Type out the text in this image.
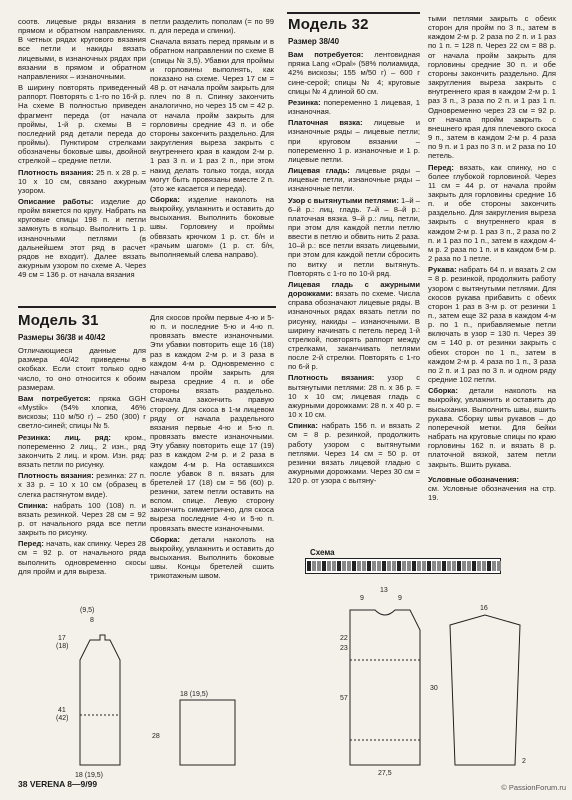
соотв. лицевые ряды вязания в прямом и обратном направлениях. В четных рядах кругового вязания все петли и накиды вязать лицевыми, в изнаночных рядах при вязании в прямом и обратном направлениях – изнаночными.

В ширину повторять приведенный раппорт. Повторять с 1-го по 16-й р. На схеме B полностью приведен фрагмент переда (от начала проймы, 1-й р. схемы B = последний ряд детали переда до проймы). Пунктиром стрелками обозначены боковые швы, двойной стрелкой – средние петли.

Плотность вязания: 25 п. x 28 р. = 10 x 10 см, связано ажурным узором.

Описание работы: изделие до пройм вяжется по кругу. Набрать на круговые спицы 198 п. и петли замкнуть в кольцо. Выполнить 1 р. изнаночными петлями (в дальнейшем этот ряд в расчет рядов не входит). Далее вязать ажурным узором по схеме A. Через 49 см = 136 р. от начала вязания

петли разделить пополам (= по 99 п. для переда и спинки).

Сначала вязать перед прямым и в обратном направлении по схеме B (спицы № 3,5). Убавки для проймы и горловины выполнять, как показано на схеме. Через 17 см = 48 р. от начала пройм закрыть для плеч по 8 п. Спинку закончить аналогично, но через 15 см = 42 р. от начала пройм закрыть для горловины средние 43 п. и обе стороны закончить раздельно. Для закругления выреза закрыть с внутреннего края в каждом 2-м р. 1 раз 3 п. и 1 раз 2 п., при этом накид делать только тогда, когда могут быть провязаны вместе 2 п. (это же касается и переда).

Сборка: изделие наколоть на выкройку, увлажнить и оставить до высыхания. Выполнить боковые швы. Горловину и проймы обвязать крючком 1 р. ст. б/н и «рачьим шагом» (1 р. ст. б/н, выполняемый слева направо).

Модель 31
Размеры 36/38 и 40/42

Отличающиеся данные для размера 40/42 приведены в скобках. Если стоит только одно число, то оно относится к обоим размерам.

Вам потребуется: пряжа GGH «Mystik» (54% хлопка, 46% вискозы; 110 м/50 г) – 250 (300) г светло-синей; спицы № 5.

Резинка: лиц. ряд: кром., попеременно 2 лиц., 2 изн., ряд закончить 2 лиц. и кром. Изн. ряд: вязать петли по рисунку.

Плотность вязания: резинка: 27 п. x 33 р. = 10 x 10 см (образец в слегка растянутом виде).

Спинка: набрать 100 (108) п. и вязать резинкой. Через 28 см = 92 р. от начального ряда все петли закрыть по рисунку.

Перед: начать, как спинку. Через 28 см = 92 р. от начального ряда выполнить одновременно скосы для пройм и для выреза.

Для скосов пройм первые 4-ю и 5-ю п. и последние 5-ю и 4-ю п. провязать вместе изнаночными. Эти убавки повторить еще 16 (18) раз в каждом 2-м р. и 3 раза в каждом 4-м р. Одновременно с началом пройм закрыть для выреза средние 4 п. и обе стороны вязать раздельно. Сначала закончить правую сторону. Для скоса в 1-м лицевом ряду от начала раздельного вязания первые 4-ю и 5-ю п. провязать вместе изнаночными. Эту убавку повторить еще 17 (19) раз в каждом 2-м р. и 2 раза в каждом 4-м р. На оставшихся после убавок 8 п. вязать для бретелей 17 (18) см = 56 (60) р. резинки, затем петли оставить на вспом. спице. Левую сторону закончить симметрично, для скоса выреза последние 4-ю и 5-ю п. провязать вместе изнаночными.

Сборка: детали наколоть на выкройку, увлажнить и оставить до высыхания. Выполнить боковые швы. Концы бретелей сшить трикотажным швом.

(9,5)
8
17
(18)
41
(42)
28
18 (19,5)
18 (19,5)
Модель 32
Размер 38/40

Вам потребуется: лентовидная пряжа Lang «Opal» (58% полиамида, 42% вискозы; 155 м/50 г) – 600 г сине-серой; спицы № 4; круговые спицы № 4 длиной 60 см.

Резинка: попеременно 1 лицевая, 1 изнаночная.

Платочная вязка: лицевые и изнаночные ряды – лицевые петли; при круговом вязании – попеременно 1 р. изнаночные и 1 р. лицевые петли.

Лицевая гладь: лицевые ряды – лицевые петли, изнаночные ряды – изнаночные петли.

Узор с вытянутыми петлями: 1–й – 6–й р.: лиц. гладь. 7–й – 8–й р.: платочная вязка. 9–й р.: лиц. петли, при этом для каждой петли петлю ввести в петлю и обвить нить 2 раза. 10–й р.: все петли вязать лицевыми, при этом для каждой петли сбросить по витку и петли вытянуть. Повторять с 1-го по 10-й ряд.

Лицевая гладь с ажурными дорожками: вязать по схеме. Числа справа обозначают лицевые ряды. В изнаночных рядах вязать петли по рисунку, накиды – изнаночными. В ширину начинать с петель перед 1-й стрелкой, повторять раппорт между стрелками, заканчивать петлями после 2-й стрелки. Повторять с 1-го по 6-й р.

Плотность вязания: узор с вытянутыми петлями: 28 п. x 36 р. = 10 x 10 см; лицевая гладь с ажурными дорожками: 28 п. x 40 р. = 10 x 10 см.

Спинка: набрать 156 п. и вязать 2 см = 8 р. резинкой, продолжить работу узором с вытянутыми петлями. Через 14 см = 50 р. от резинки вязать лицевой гладью с ажурными дорожками. Через 30 см = 120 р. от узора с вытяну-

тыми петлями закрыть с обеих сторон для пройм по 3 п., затем в каждом 2-м р. 2 раза по 2 п. и 1 раз по 1 п. = 128 п. Через 22 см = 88 р. от начала пройм закрыть для горловины средние 30 п. и обе стороны закончить раздельно. Для закругления выреза закрыть с внутреннего края в каждом 2-м р. 1 раз 3 п., 3 раза по 2 п. и 1 раз 1 п. Одновременно через 23 см = 92 р. от начала пройм закрыть с внешнего края для плечевого скоса 9 п., затем в каждом 2-м р. 4 раза по 9 п. и 1 раз по 3 п. и 2 раза по 10 петель.

Перед: вязать, как спинку, но с более глубокой горловиной. Через 11 см = 44 р. от начала пройм закрыть для горловины средние 16 п. и обе стороны закончить раздельно. Для закругления выреза закрыть с внутреннего края в каждом 2-м р. 1 раз 3 п., 2 раза по 2 п. и 1 раз по 1 п., затем в каждом 4-м р. 2 раза по 1 п. и в каждом 6-м р. 2 раза по 1 петле.

Рукава: набрать 64 п. и вязать 2 см = 8 р. резинкой, продолжить работу узором с вытянутыми петлями. Для скосов рукава прибавить с обеих сторон 1 раз в 3-м р. от резинки 1 п., затем еще 32 раза в каждом 4-м р. по 1 п., прибавляемые петли включать в узор = 130 п. Через 39 см = 140 р. от резинки закрыть с обеих сторон по 1 п., затем в каждом 2-м р. 4 раза по 1 п., 3 раза по 2 п. и 1 раз по 3 п. и одном ряду средние 102 петли.

Сборка: детали наколоть на выкройку, увлажнить и оставить до высыхания. Выполнить швы, вшить рукава. Сборку швы рукавов – до поперечной метки. Для бейки набрать на круговые спицы по краю горловины 162 п. и вязать 8 р. платочной вязкой, затем петли закрыть. Вшить рукава.

Условные обозначения:
см. Условные обозначения на стр. 19.

Схема
9
13
9
22
23
57
30
16
2
27,5
38 VERENA 8—9/99	© PassionForum.ru
